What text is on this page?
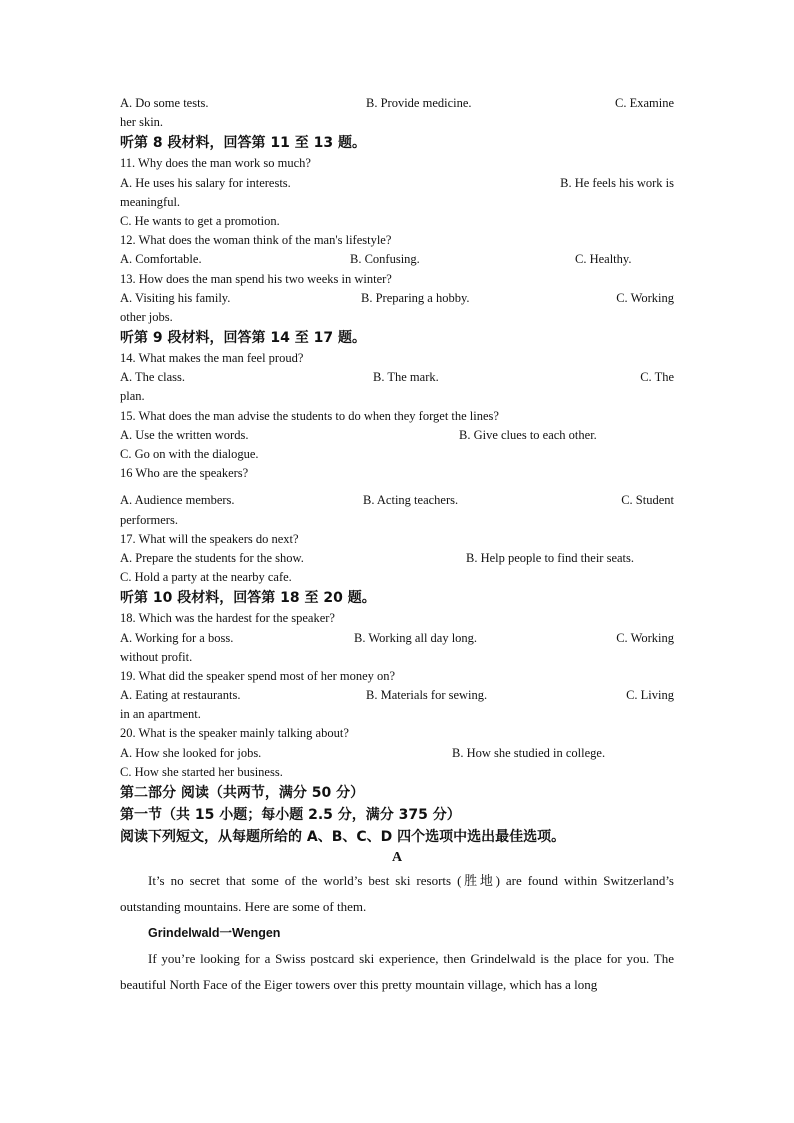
A. Do some tests.	B. Provide medicine.	C. Examine
her skin.
听第 8 段材料，回答第 11 至 13 题。
11. Why does the man work so much?
A. He uses his salary for interests.	B. He feels his work is
meaningful.
C. He wants to get a promotion.
12. What does the woman think of the man's lifestyle?
A. Comfortable.	B. Confusing.	C. Healthy.
13. How does the man spend his two weeks in winter?
A. Visiting his family.	B. Preparing a hobby.	C. Working
other jobs.
听第 9 段材料，回答第 14 至 17 题。
14. What makes the man feel proud?
A. The class.	B. The mark.	C. The
plan.
15. What does the man advise the students to do when they forget the lines?
A. Use the written words.	B. Give clues to each other.
C. Go on with the dialogue.
16 Who are the speakers?
A. Audience members.	B. Acting teachers.	C. Student
performers.
17. What will the speakers do next?
A. Prepare the students for the show.	B. Help people to find their seats.
C. Hold a party at the nearby cafe.
听第 10 段材料，回答第 18 至 20 题。
18. Which was the hardest for the speaker?
A. Working for a boss.	B. Working all day long.	C. Working
without profit.
19. What did the speaker spend most of her money on?
A. Eating at restaurants.	B. Materials for sewing.	C. Living
in an apartment.
20. What is the speaker mainly talking about?
A. How she looked for jobs.	B. How she studied in college.
C. How she started her business.
第二部分 阅读（共两节，满分 50 分）
第一节（共 15 小题；每小题 2.5 分，满分 375 分）
阅读下列短文，从每题所给的 A、B、C、D 四个选项中选出最佳选项。
A
It’s no secret that some of the world’s best ski resorts (胜地) are found within Switzerland’s outstanding mountains. Here are some of them.
Grindelwald一Wengen
If you’re looking for a Swiss postcard ski experience, then Grindelwald is the place for you. The beautiful North Face of the Eiger towers over this pretty mountain village, which has a long
